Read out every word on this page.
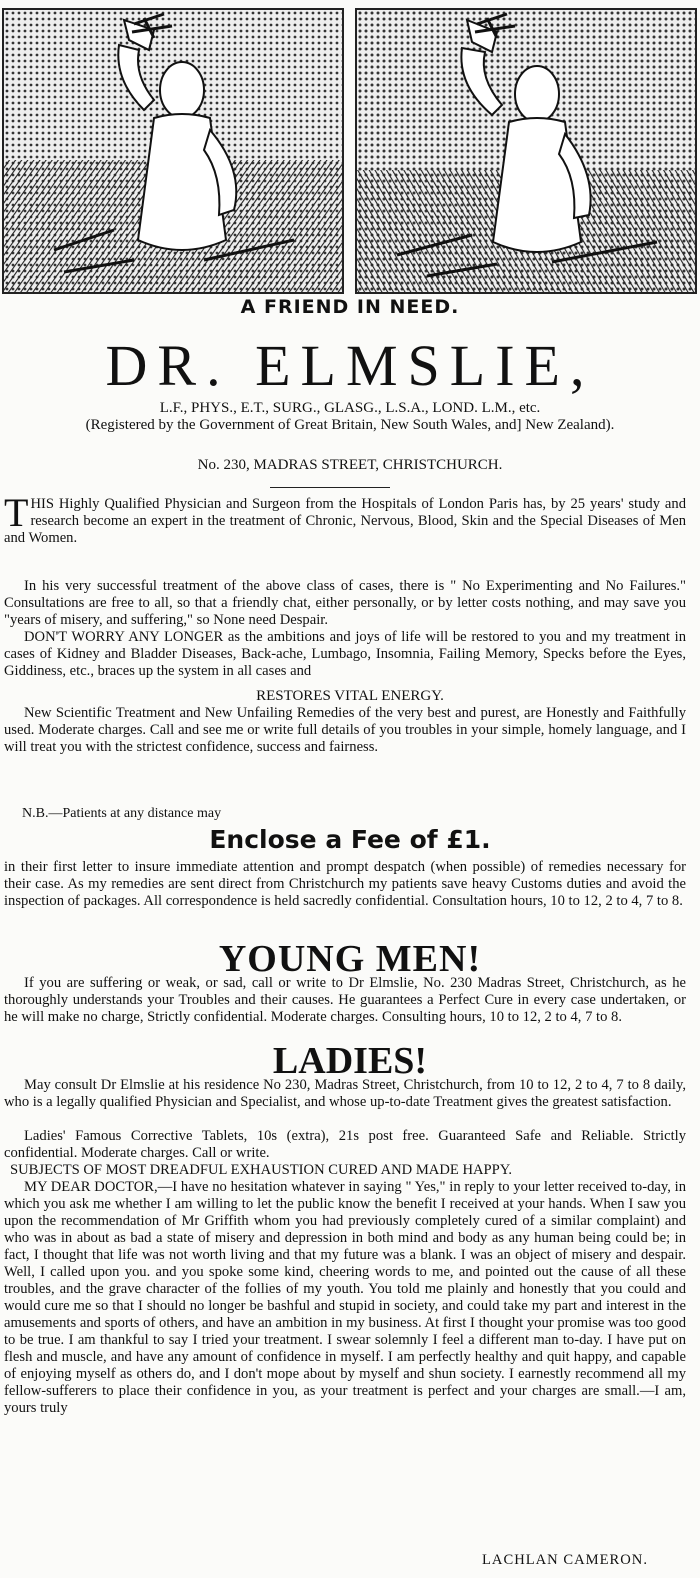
A FRIEND IN NEED.
DR. ELMSLIE,
L.F., PHYS., E.T., SURG., GLASG., L.S.A., LOND. L.M., etc.
(Registered by the Government of Great Britain, New South Wales, and] New Zealand).
No. 230, MADRAS STREET, CHRISTCHURCH.
THIS Highly Qualified Physician and Surgeon from the Hospitals of London Paris has, by 25 years' study and research become an expert in the treatment of Chronic, Nervous, Blood, Skin and the Special Diseases of Men and Women.
In his very successful treatment of the above class of cases, there is " No Experimenting and No Failures." Consultations are free to all, so that a friendly chat, either personally, or by letter costs nothing, and may save you "years of misery, and suffering," so None need Despair.
DON'T WORRY ANY LONGER as the ambitions and joys of life will be restored to you and my treatment in cases of Kidney and Bladder Diseases, Back-ache, Lumbago, Insomnia, Failing Memory, Specks before the Eyes, Giddiness, etc., braces up the system in all cases and
RESTORES VITAL ENERGY.
New Scientific Treatment and New Unfailing Remedies of the very best and purest, are Honestly and Faithfully used. Moderate charges. Call and see me or write full details of you troubles in your simple, homely language, and I will treat you with the strictest confidence, success and fairness.
N.B.—Patients at any distance may
Enclose a Fee of £1.
in their first letter to insure immediate attention and prompt despatch (when possible) of remedies necessary for their case. As my remedies are sent direct from Christchurch my patients save heavy Customs duties and avoid the inspection of packages. All correspondence is held sacredly confidential. Consultation hours, 10 to 12, 2 to 4, 7 to 8.
YOUNG MEN!
If you are suffering or weak, or sad, call or write to Dr Elmslie, No. 230 Madras Street, Christchurch, as he thoroughly understands your Troubles and their causes. He guarantees a Perfect Cure in every case undertaken, or he will make no charge, Strictly confidential. Moderate charges. Consulting hours, 10 to 12, 2 to 4, 7 to 8.
LADIES!
May consult Dr Elmslie at his residence No 230, Madras Street, Christchurch, from 10 to 12, 2 to 4, 7 to 8 daily, who is a legally qualified Physician and Specialist, and whose up-to-date Treatment gives the greatest satisfaction.
Ladies' Famous Corrective Tablets, 10s (extra), 21s post free. Guaranteed Safe and Reliable. Strictly confidential. Moderate charges. Call or write.
SUBJECTS OF MOST DREADFUL EXHAUSTION CURED AND MADE HAPPY.
MY DEAR DOCTOR,—I have no hesitation whatever in saying " Yes," in reply to your letter received to-day, in which you ask me whether I am willing to let the public know the benefit I received at your hands. When I saw you upon the recommendation of Mr Griffith whom you had previously completely cured of a similar complaint) and who was in about as bad a state of misery and depression in both mind and body as any human being could be; in fact, I thought that life was not worth living and that my future was a blank. I was an object of misery and despair. Well, I called upon you. and you spoke some kind, cheering words to me, and pointed out the cause of all these troubles, and the grave character of the follies of my youth. You told me plainly and honestly that you could and would cure me so that I should no longer be bashful and stupid in society, and could take my part and interest in the amusements and sports of others, and have an ambition in my business. At first I thought your promise was too good to be true. I am thankful to say I tried your treatment. I swear solemnly I feel a different man to-day. I have put on flesh and muscle, and have any amount of confidence in myself. I am perfectly healthy and quit happy, and capable of enjoying myself as others do, and I don't mope about by myself and shun society. I earnestly recommend all my fellow-sufferers to place their confidence in you, as your treatment is perfect and your charges are small.—I am, yours truly
LACHLAN CAMERON.
